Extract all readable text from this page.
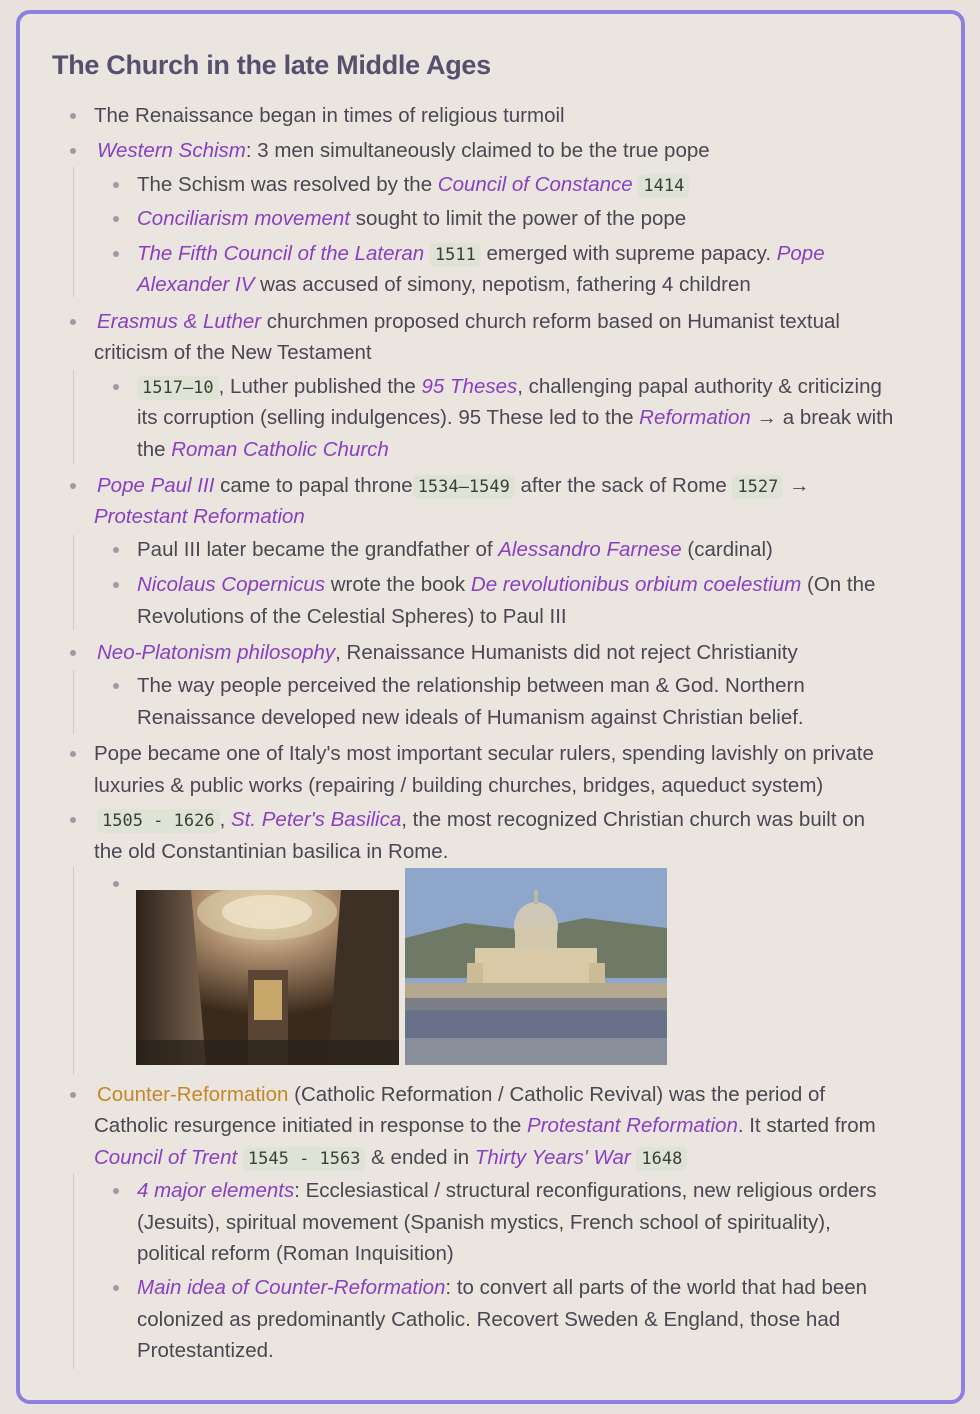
The Church in the late Middle Ages
The Renaissance began in times of religious turmoil
Western Schism: 3 men simultaneously claimed to be the true pope
The Schism was resolved by the Council of Constance 1414
Conciliarism movement sought to limit the power of the pope
The Fifth Council of the Lateran 1511 emerged with supreme papacy. Pope
Alexander IV was accused of simony, nepotism, fathering 4 children
Erasmus & Luther churchmen proposed church reform based on Humanist textual
criticism of the New Testament
1517–10 , Luther published the 95 Theses, challenging papal authority & criticizing
its corruption (selling indulgences). 95 These led to the Reformation → a break with
the Roman Catholic Church
Pope Paul III came to papal throne 1534–1549 after the sack of Rome 1527 →
Protestant Reformation
Paul III later became the grandfather of Alessandro Farnese (cardinal)
Nicolaus Copernicus wrote the book De revolutionibus orbium coelestium (On the
Revolutions of the Celestial Spheres) to Paul III
Neo-Platonism philosophy, Renaissance Humanists did not reject Christianity
The way people perceived the relationship between man & God. Northern
Renaissance developed new ideals of Humanism against Christian belief.
Pope became one of Italy's most important secular rulers, spending lavishly on private
luxuries & public works (repairing / building churches, bridges, aqueduct system)
1505 - 1626 , St. Peter's Basilica, the most recognized Christian church was built on
the old Constantinian basilica in Rome.
Counter-Reformation (Catholic Reformation / Catholic Revival) was the period of
Catholic resurgence initiated in response to the Protestant Reformation. It started from
Council of Trent 1545 - 1563 & ended in Thirty Years' War 1648
4 major elements: Ecclesiastical / structural reconfigurations, new religious orders
(Jesuits), spiritual movement (Spanish mystics, French school of spirituality),
political reform (Roman Inquisition)
Main idea of Counter-Reformation: to convert all parts of the world that had been
colonized as predominantly Catholic. Recovert Sweden & England, those had
Protestantized.
